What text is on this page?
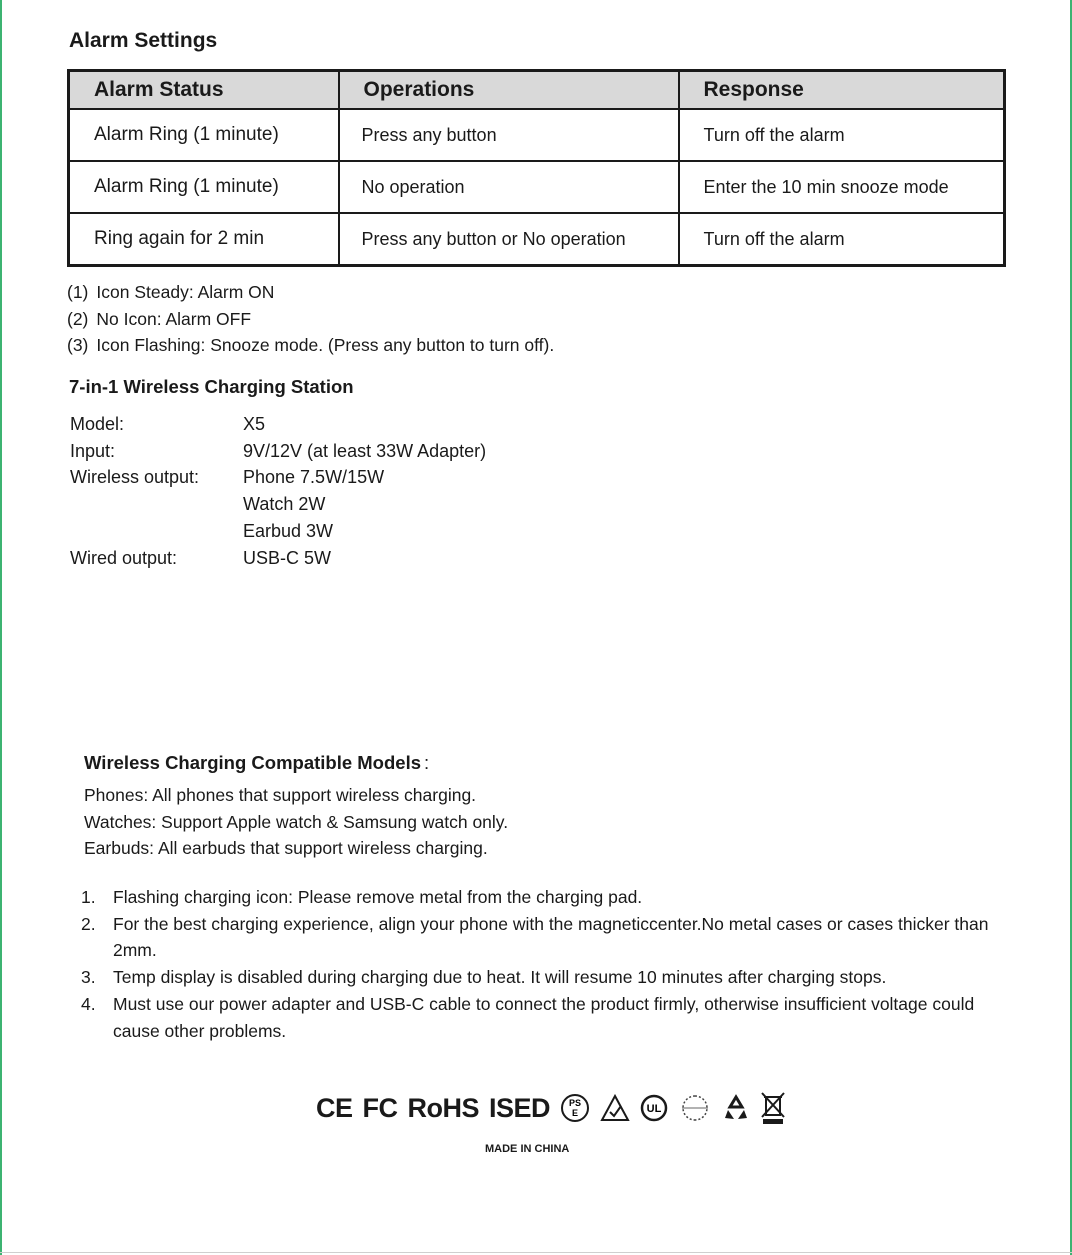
Alarm Settings
Alarm Status	Operations	Response
Alarm Ring (1 minute)	Press any button	Turn off the alarm
Alarm Ring (1 minute)	No operation	Enter the 10 min snooze mode
Ring again for 2 min	Press any button or No operation	Turn off the alarm
(1) Icon Steady: Alarm ON
(2) No Icon: Alarm OFF
(3) Icon Flashing: Snooze mode. (Press any button to turn off).
7-in-1 Wireless Charging Station
Model:	X5
Input:	9V/12V (at least 33W Adapter)
Wireless output:	Phone 7.5W/15W
Watch 2W
Earbud 3W
Wired output:	USB-C 5W
Wireless Charging Compatible Models :
Phones: All phones that support wireless charging.
Watches: Support Apple watch & Samsung watch only.
Earbuds: All earbuds that support wireless charging.
1. Flashing charging icon: Please remove metal from the charging pad.
2. For the best charging experience, align your phone with the magneticcenter.No metal cases or cases thicker than 2mm.
3. Temp display is disabled during charging due to heat. It will resume 10 minutes after charging stops.
4. Must use our power adapter and USB-C cable to connect the product firmly, otherwise insufficient voltage could cause other problems.
CE FC RoHS ISED PS
E	UL
MADE IN CHINA
